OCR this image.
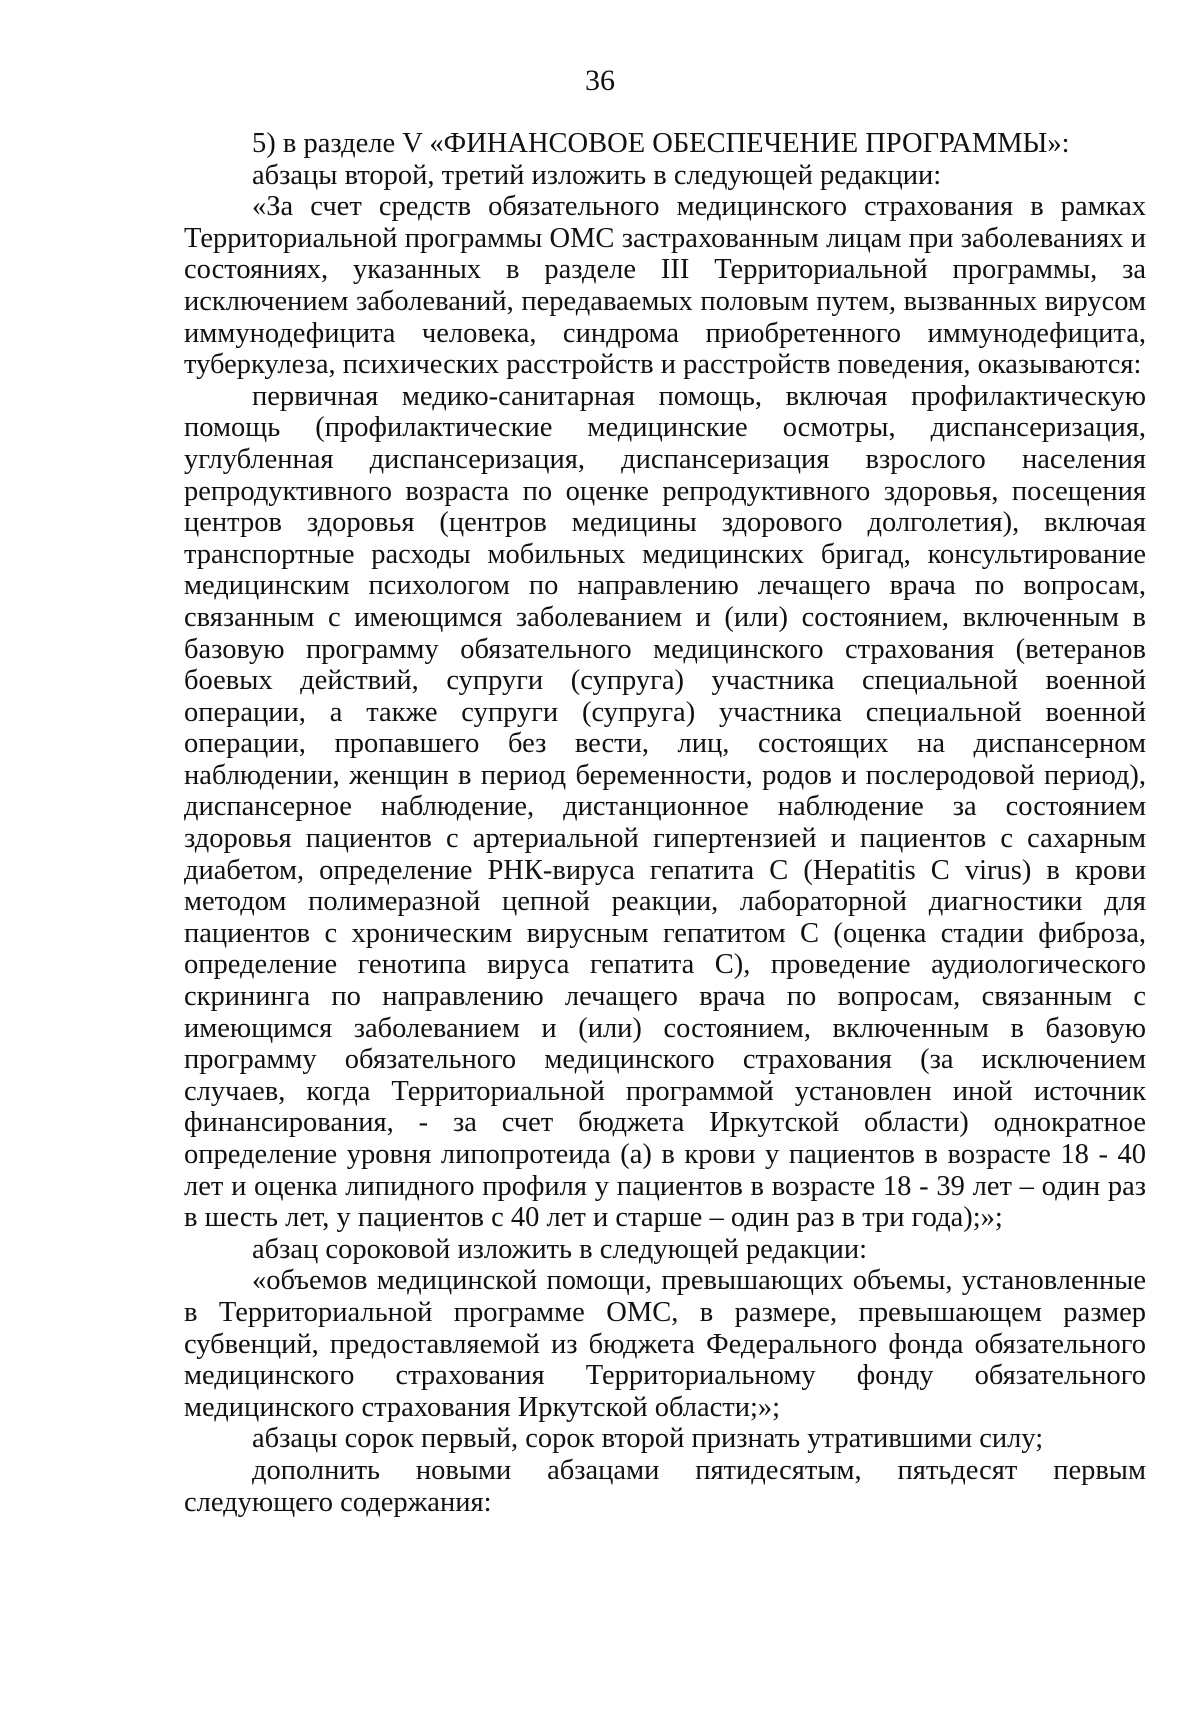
36

5) в разделе V «ФИНАНСОВОЕ ОБЕСПЕЧЕНИЕ ПРОГРАММЫ»:

абзацы второй, третий изложить в следующей редакции:

«За счет средств обязательного медицинского страхования в рамках Территориальной программы ОМС застрахованным лицам при заболеваниях и состояниях, указанных в разделе III Территориальной программы, за исключением заболеваний, передаваемых половым путем, вызванных вирусом иммунодефицита человека, синдрома приобретенного иммунодефицита, туберкулеза, психических расстройств и расстройств поведения, оказываются:

первичная медико-санитарная помощь, включая профилактическую помощь (профилактические медицинские осмотры, диспансеризация, углубленная диспансеризация, диспансеризация взрослого населения репродуктивного возраста по оценке репродуктивного здоровья, посещения центров здоровья (центров медицины здорового долголетия), включая транспортные расходы мобильных медицинских бригад, консультирование медицинским психологом по направлению лечащего врача по вопросам, связанным с имеющимся заболеванием и (или) состоянием, включенным в базовую программу обязательного медицинского страхования (ветеранов боевых действий, супруги (супруга) участника специальной военной операции, а также супруги (супруга) участника специальной военной операции, пропавшего без вести, лиц, состоящих на диспансерном наблюдении, женщин в период беременности, родов и послеродовой период), диспансерное наблюдение, дистанционное наблюдение за состоянием здоровья пациентов с артериальной гипертензией и пациентов с сахарным диабетом, определение РНК-вируса гепатита С (Hepatitis C virus) в крови методом полимеразной цепной реакции, лабораторной диагностики для пациентов с хроническим вирусным гепатитом С (оценка стадии фиброза, определение генотипа вируса гепатита С), проведение аудиологического скрининга по направлению лечащего врача по вопросам, связанным с имеющимся заболеванием и (или) состоянием, включенным в базовую программу обязательного медицинского страхования (за исключением случаев, когда Территориальной программой установлен иной источник финансирования, - за счет бюджета Иркутской области) однократное определение уровня липопротеида (а) в крови у пациентов в возрасте 18 - 40 лет и оценка липидного профиля у пациентов в возрасте 18 - 39 лет – один раз в шесть лет, у пациентов с 40 лет и старше – один раз в три года);»;

абзац сороковой изложить в следующей редакции:

«объемов медицинской помощи, превышающих объемы, установленные в Территориальной программе ОМС, в размере, превышающем размер субвенций, предоставляемой из бюджета Федерального фонда обязательного медицинского страхования Территориальному фонду обязательного медицинского страхования Иркутской области;»;

абзацы сорок первый, сорок второй признать утратившими силу;

дополнить новыми абзацами пятидесятым, пятьдесят первым следующего содержания:
